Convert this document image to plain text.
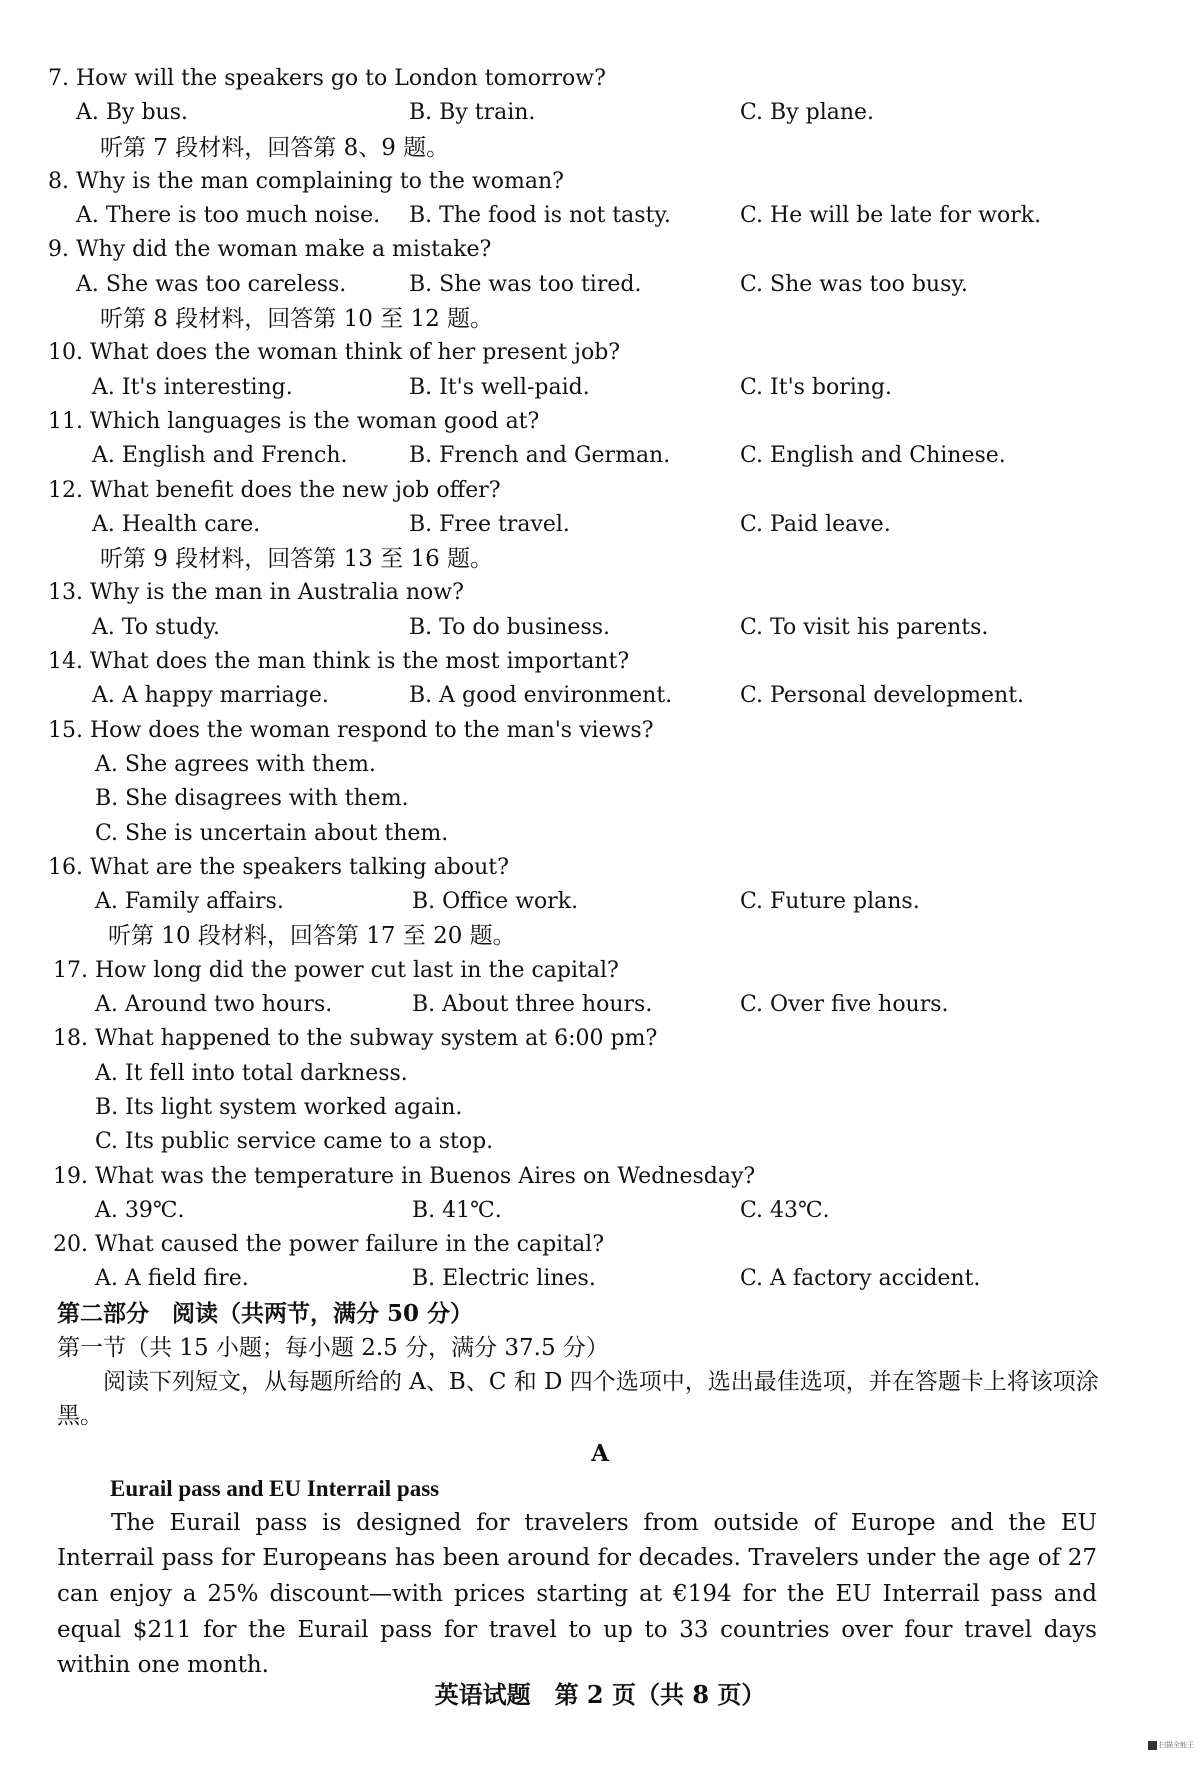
7. How will the speakers go to London tomorrow?
A. By bus.	B. By train.	C. By plane.
听第 7 段材料，回答第 8、9 题。
8. Why is the man complaining to the woman?
A. There is too much noise. B. The food is not tasty.	C. He will be late for work.
9. Why did the woman make a mistake?
A. She was too careless.	B. She was too tired.	C. She was too busy.
听第 8 段材料，回答第 10 至 12 题。
10. What does the woman think of her present job?
A. It's interesting.	B. It's well-paid.	C. It's boring.
11. Which languages is the woman good at?
A. English and French.	B. French and German.	C. English and Chinese.
12. What benefit does the new job offer?
A. Health care.	B. Free travel.	C. Paid leave.
听第 9 段材料，回答第 13 至 16 题。
13. Why is the man in Australia now?
A. To study.	B. To do business.	C. To visit his parents.
14. What does the man think is the most important?
A. A happy marriage.	B. A good environment.	C. Personal development.
15. How does the woman respond to the man's views?
A. She agrees with them.
B. She disagrees with them.
C. She is uncertain about them.
16. What are the speakers talking about?
A. Family affairs.	B. Office work.	C. Future plans.
听第 10 段材料，回答第 17 至 20 题。
17. How long did the power cut last in the capital?
A. Around two hours.	B. About three hours.	C. Over five hours.
18. What happened to the subway system at 6:00 pm?
A. It fell into total darkness.
B. Its light system worked again.
C. Its public service came to a stop.
19. What was the temperature in Buenos Aires on Wednesday?
A. 39℃.	B. 41℃.	C. 43℃.
20. What caused the power failure in the capital?
A. A field fire.	B. Electric lines.	C. A factory accident.
第二部分　阅读（共两节，满分 50 分）
第一节（共 15 小题；每小题 2.5 分，满分 37.5 分）
阅读下列短文，从每题所给的 A、B、C 和 D 四个选项中，选出最佳选项，并在答题卡上将该项涂黑。
A
Eurail pass and EU Interrail pass
The Eurail pass is designed for travelers from outside of Europe and the EU Interrail pass for Europeans has been around for decades. Travelers under the age of 27 can enjoy a 25% discount—with prices starting at €194 for the EU Interrail pass and equal $211 for the Eurail pass for travel to up to 33 countries over four travel days within one month.
英语试题　第 2 页（共 8 页）
扫描全能王
